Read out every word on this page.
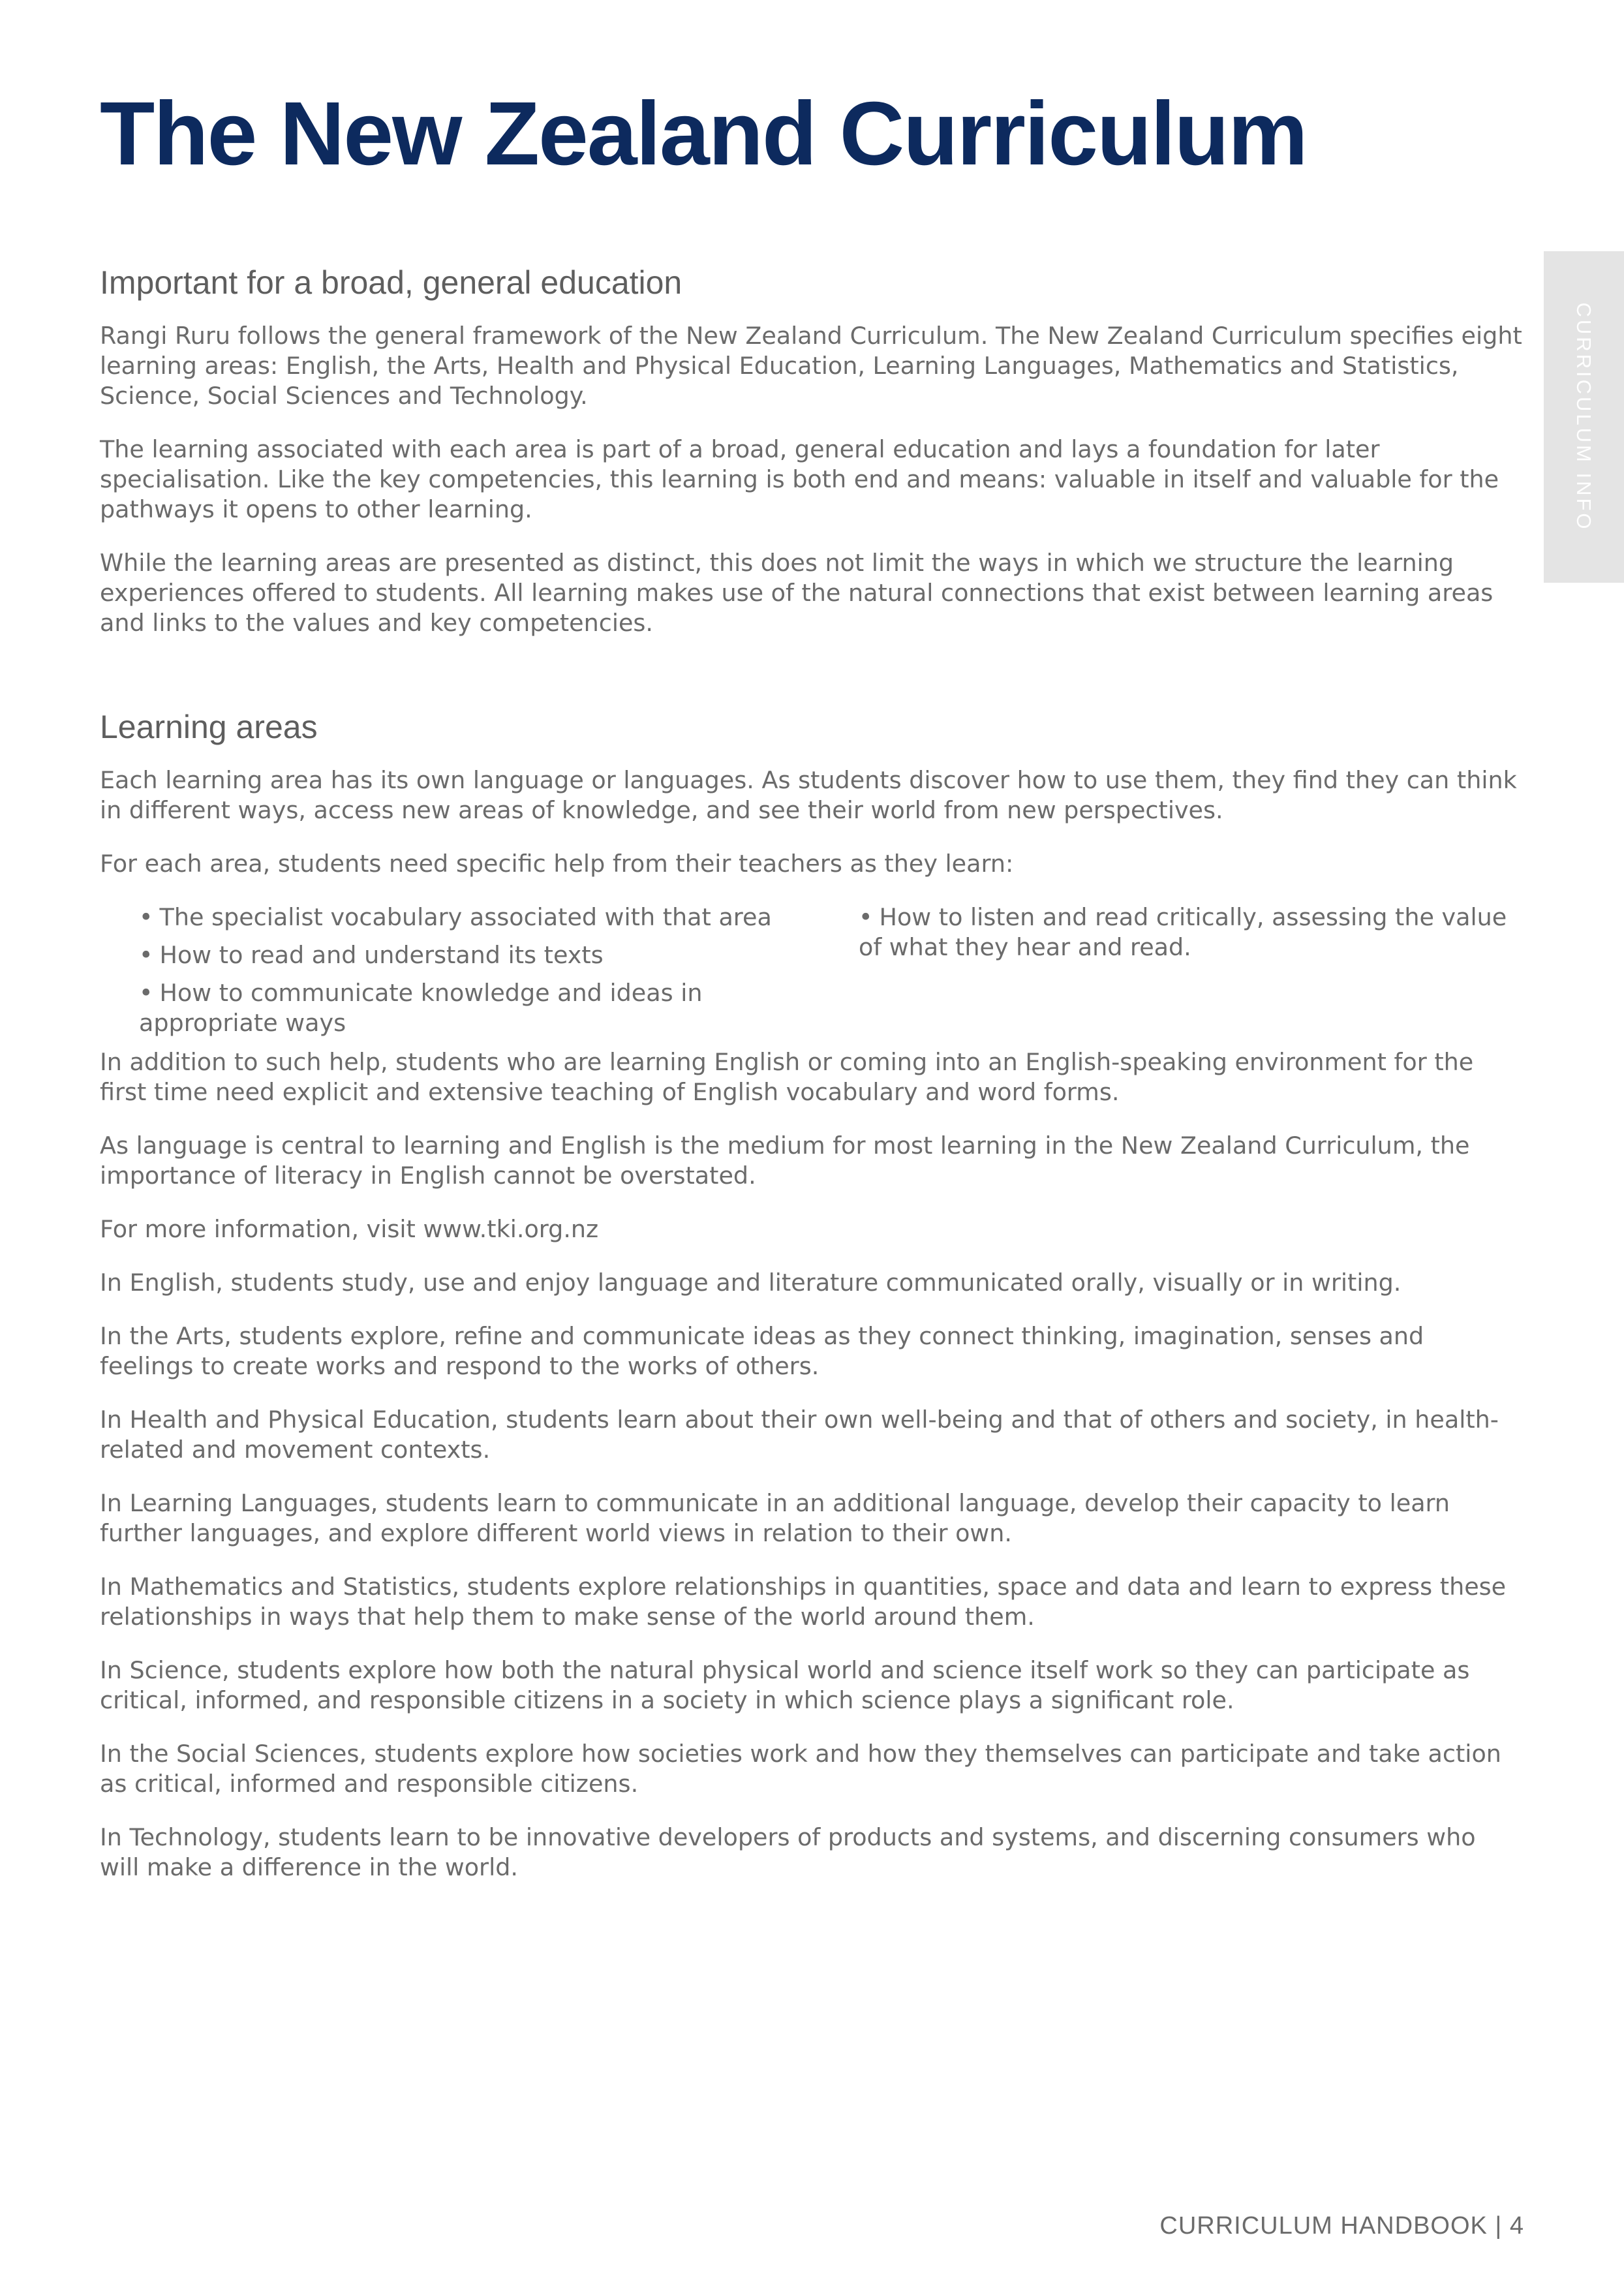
The New Zealand Curriculum
CURRICULUM INFO
Important for a broad, general education

Rangi Ruru follows the general framework of the New Zealand Curriculum. The New Zealand Curriculum specifies eight learning areas: English, the Arts, Health and Physical Education, Learning Languages, Mathematics and Statistics, Science, Social Sciences and Technology.

The learning associated with each area is part of a broad, general education and lays a foundation for later specialisation. Like the key competencies, this learning is both end and means: valuable in itself and valuable for the pathways it opens to other learning.

While the learning areas are presented as distinct, this does not limit the ways in which we structure the learning experiences offered to students. All learning makes use of the natural connections that exist between learning areas and links to the values and key competencies.

Learning areas

Each learning area has its own language or languages. As students discover how to use them, they find they can think in different ways, access new areas of knowledge, and see their world from new perspectives.

For each area, students need specific help from their teachers as they learn:

• The specialist vocabulary associated with that area
• How to read and understand its texts
• How to communicate knowledge and ideas in appropriate ways
• How to listen and read critically, assessing the value of what they hear and read.

In addition to such help, students who are learning English or coming into an English-speaking environment for the first time need explicit and extensive teaching of English vocabulary and word forms.

As language is central to learning and English is the medium for most learning in the New Zealand Curriculum, the importance of literacy in English cannot be overstated.

For more information, visit www.tki.org.nz

In English, students study, use and enjoy language and literature communicated orally, visually or in writing.

In the Arts, students explore, refine and communicate ideas as they connect thinking, imagination, senses and feelings to create works and respond to the works of others.

In Health and Physical Education, students learn about their own well-being and that of others and society, in health-related and movement contexts.

In Learning Languages, students learn to communicate in an additional language, develop their capacity to learn further languages, and explore different world views in relation to their own.

In Mathematics and Statistics, students explore relationships in quantities, space and data and learn to express these relationships in ways that help them to make sense of the world around them.

In Science, students explore how both the natural physical world and science itself work so they can participate as critical, informed, and responsible citizens in a society in which science plays a significant role.

In the Social Sciences, students explore how societies work and how they themselves can participate and take action as critical, informed and responsible citizens.

In Technology, students learn to be innovative developers of products and systems, and discerning consumers who will make a difference in the world.

CURRICULUM HANDBOOK | 4
